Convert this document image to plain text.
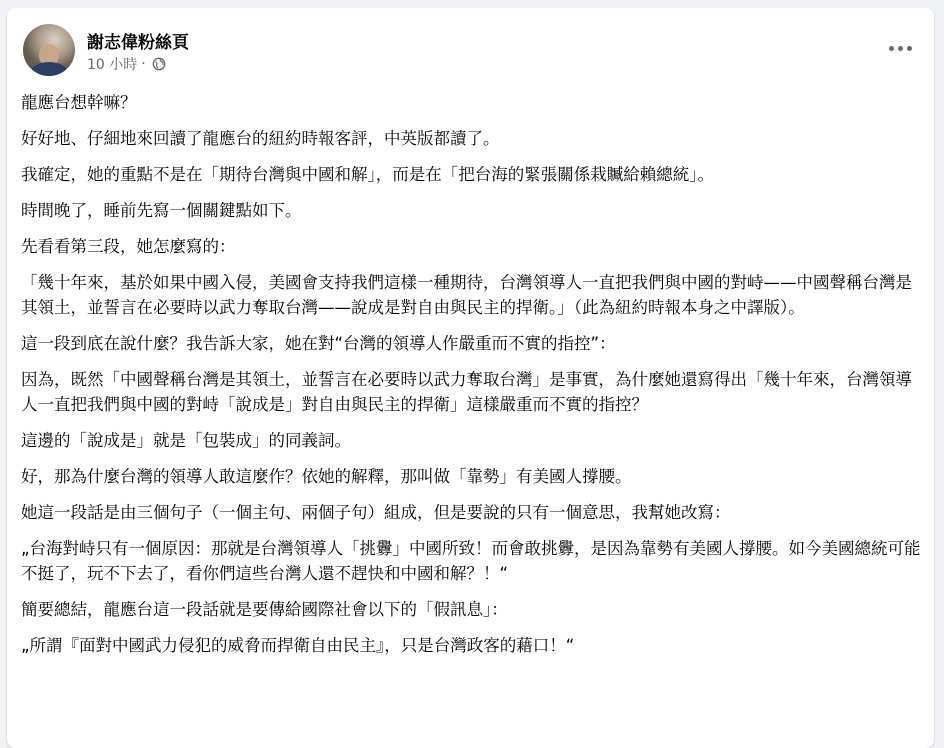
謝志偉粉絲頁
10 小時 ·

龍應台想幹嘛？

好好地、仔細地來回讀了龍應台的紐約時報客評，中英版都讀了。

我確定，她的重點不是在「期待台灣與中國和解」，而是在「把台海的緊張關係栽贓給賴總統」。

時間晚了，睡前先寫一個關鍵點如下。

先看看第三段，她怎麼寫的：

「幾十年來，基於如果中國入侵，美國會支持我們這樣一種期待，台灣領導人一直把我們與中國的對峙——中國聲稱台灣是其領土，並誓言在必要時以武力奪取台灣——說成是對自由與民主的捍衛。」（此為紐約時報本身之中譯版）。

這一段到底在說什麼？我告訴大家，她在對“台灣的領導人作嚴重而不實的指控”：

因為，既然「中國聲稱台灣是其領土，並誓言在必要時以武力奪取台灣」是事實，為什麼她還寫得出「幾十年來，台灣領導人一直把我們與中國的對峙「說成是」對自由與民主的捍衛」這樣嚴重而不實的指控？

這邊的「說成是」就是「包裝成」的同義詞。

好，那為什麼台灣的領導人敢這麼作？依她的解釋，那叫做「靠勢」有美國人撐腰。

她這一段話是由三個句子（一個主句、兩個子句）組成，但是要說的只有一個意思，我幫她改寫：

„台海對峙只有一個原因：那就是台灣領導人「挑釁」中國所致！而會敢挑釁，是因為靠勢有美國人撐腰。如今美國總統可能不挺了，玩不下去了，看你們這些台灣人還不趕快和中國和解？！“

簡要總結，龍應台這一段話就是要傳給國際社會以下的「假訊息」：

„所謂『面對中國武力侵犯的威脅而捍衛自由民主』，只是台灣政客的藉口！“
